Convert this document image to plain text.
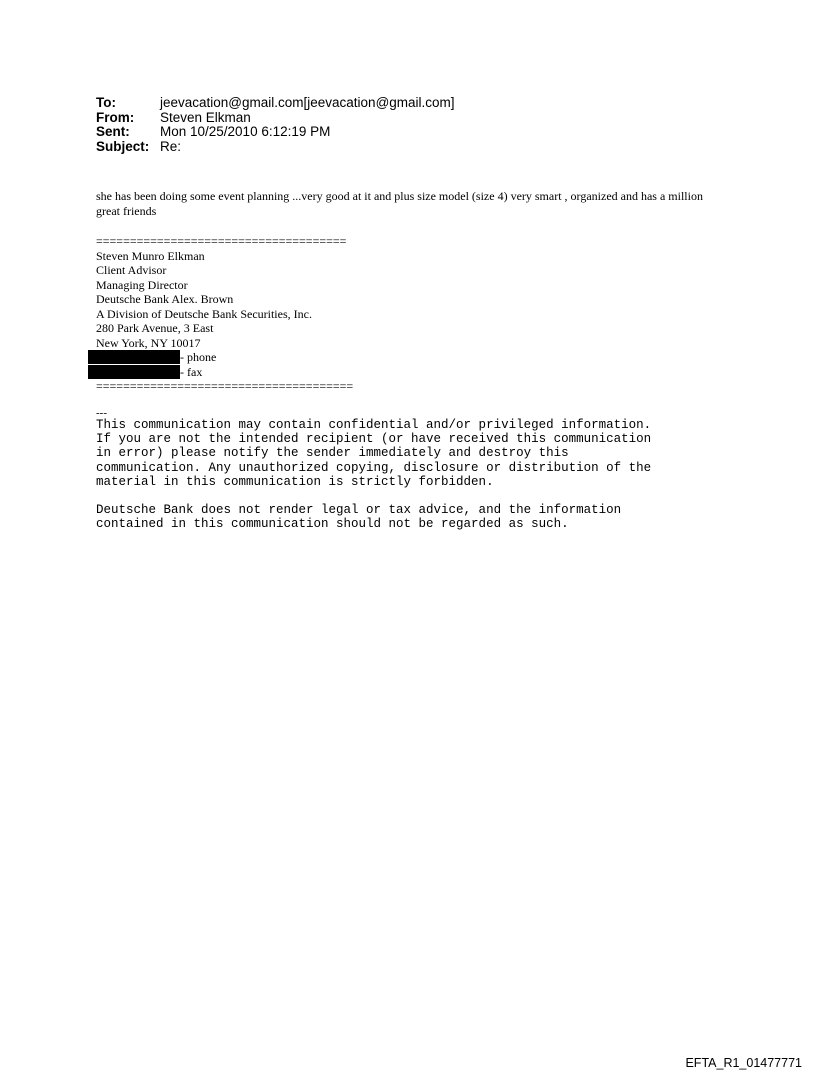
To:	jeevacation@gmail.com[jeevacation@gmail.com]
From:	Steven Elkman
Sent:	Mon 10/25/2010 6:12:19 PM
Subject: Re:
she has been doing some event planning ...very good at it and plus size model (size 4) very smart , organized and has a million great friends
=====================================
Steven Munro Elkman
Client Advisor
Managing Director
Deutsche Bank Alex. Brown
A Division of Deutsche Bank Securities, Inc.
280 Park Avenue, 3 East
New York, NY 10017
- phone
- fax
======================================
---
This communication may contain confidential and/or privileged information.
If you are not the intended recipient (or have received this communication
in error) please notify the sender immediately and destroy this
communication. Any unauthorized copying, disclosure or distribution of the
material in this communication is strictly forbidden.

Deutsche Bank does not render legal or tax advice, and the information
contained in this communication should not be regarded as such.
EFTA_R1_01477771
